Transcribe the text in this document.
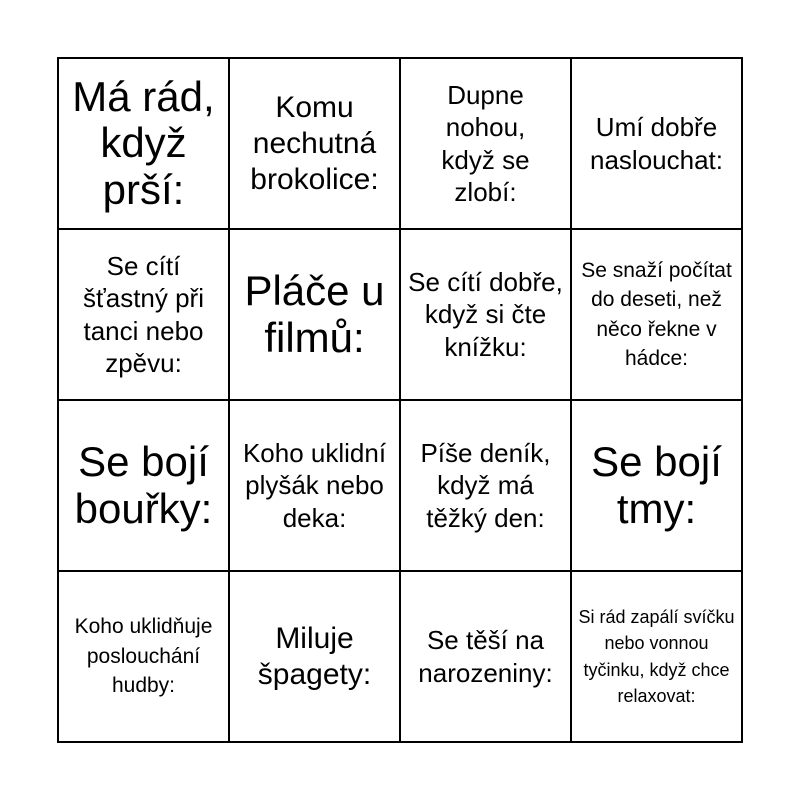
Má rád, když prší:
Komu nechutná brokolice:
Dupne nohou, když se zlobí:
Umí dobře naslouchat:
Se cítí šťastný při tanci nebo zpěvu:
Pláče u filmů:
Se cítí dobře, když si čte knížku:
Se snaží počítat do deseti, než něco řekne v hádce:
Se bojí bouřky:
Koho uklidní plyšák nebo deka:
Píše deník, když má těžký den:
Se bojí tmy:
Koho uklidňuje poslouchání hudby:
Miluje špagety:
Se těší na narozeniny:
Si rád zapálí svíčku nebo vonnou tyčinku, když chce relaxovat:
